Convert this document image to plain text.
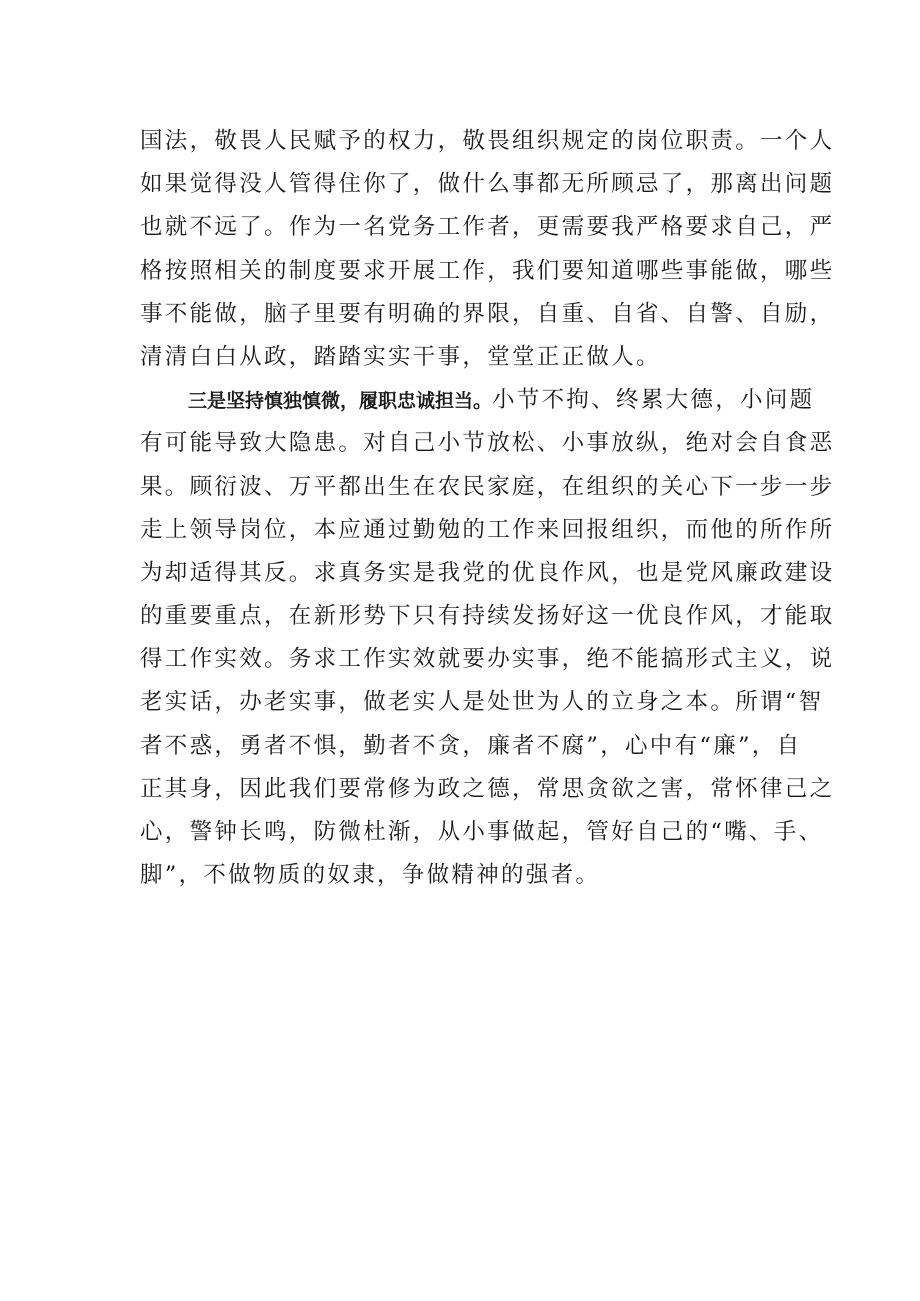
国法，敬畏人民赋予的权力，敬畏组织规定的岗位职责。一个人
如果觉得没人管得住你了，做什么事都无所顾忌了，那离出问题
也就不远了。作为一名党务工作者，更需要我严格要求自己，严
格按照相关的制度要求开展工作，我们要知道哪些事能做，哪些
事不能做，脑子里要有明确的界限，自重、自省、自警、自励，
清清白白从政，踏踏实实干事，堂堂正正做人。
三是坚持慎独慎微，履职忠诚担当。小节不拘、终累大德，小问题
有可能导致大隐患。对自己小节放松、小事放纵，绝对会自食恶
果。顾衍波、万平都出生在农民家庭，在组织的关心下一步一步
走上领导岗位，本应通过勤勉的工作来回报组织，而他的所作所
为却适得其反。求真务实是我党的优良作风，也是党风廉政建设
的重要重点，在新形势下只有持续发扬好这一优良作风，才能取
得工作实效。务求工作实效就要办实事，绝不能搞形式主义，说
老实话，办老实事，做老实人是处世为人的立身之本。所谓“智
者不惑，勇者不惧，勤者不贪，廉者不腐”，心中有“廉”，自
正其身，因此我们要常修为政之德，常思贪欲之害，常怀律己之
心，警钟长鸣，防微杜渐，从小事做起，管好自己的“嘴、手、
脚”，不做物质的奴隶，争做精神的强者。
